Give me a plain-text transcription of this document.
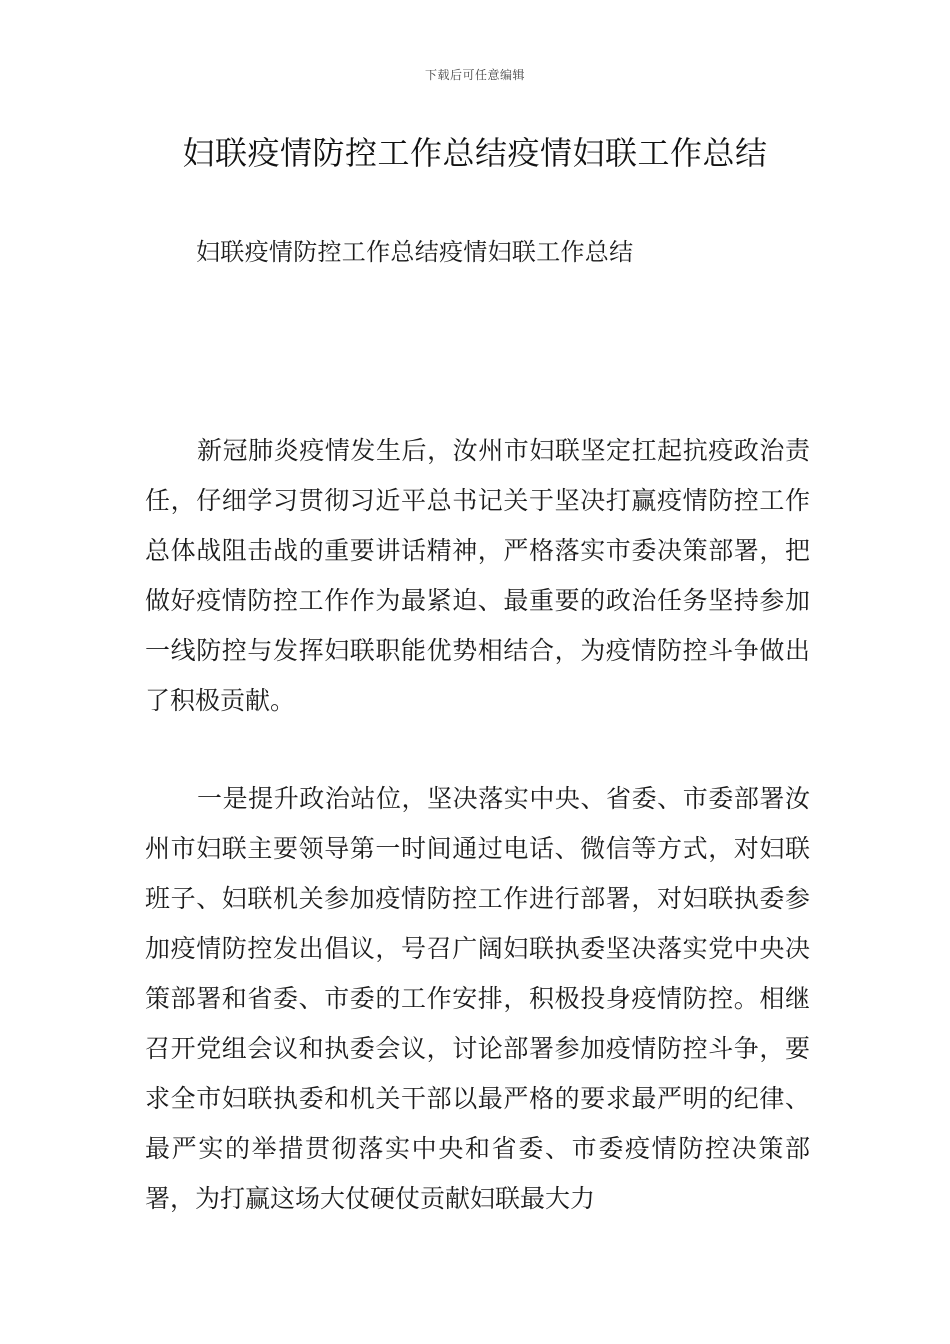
下载后可任意编辑
妇联疫情防控工作总结疫情妇联工作总结

妇联疫情防控工作总结疫情妇联工作总结

新冠肺炎疫情发生后，汝州市妇联坚定扛起抗疫政治责任，仔细学习贯彻习近平总书记关于坚决打赢疫情防控工作总体战阻击战的重要讲话精神，严格落实市委决策部署，把做好疫情防控工作作为最紧迫、最重要的政治任务坚持参加一线防控与发挥妇联职能优势相结合，为疫情防控斗争做出了积极贡献。

一是提升政治站位，坚决落实中央、省委、市委部署汝州市妇联主要领导第一时间通过电话、微信等方式，对妇联班子、妇联机关参加疫情防控工作进行部署，对妇联执委参加疫情防控发出倡议，号召广阔妇联执委坚决落实党中央决策部署和省委、市委的工作安排，积极投身疫情防控。相继召开党组会议和执委会议，讨论部署参加疫情防控斗争，要求全市妇联执委和机关干部以最严格的要求最严明的纪律、最严实的举措贯彻落实中央和省委、市委疫情防控决策部署，为打赢这场大仗硬仗贡献妇联最大力
